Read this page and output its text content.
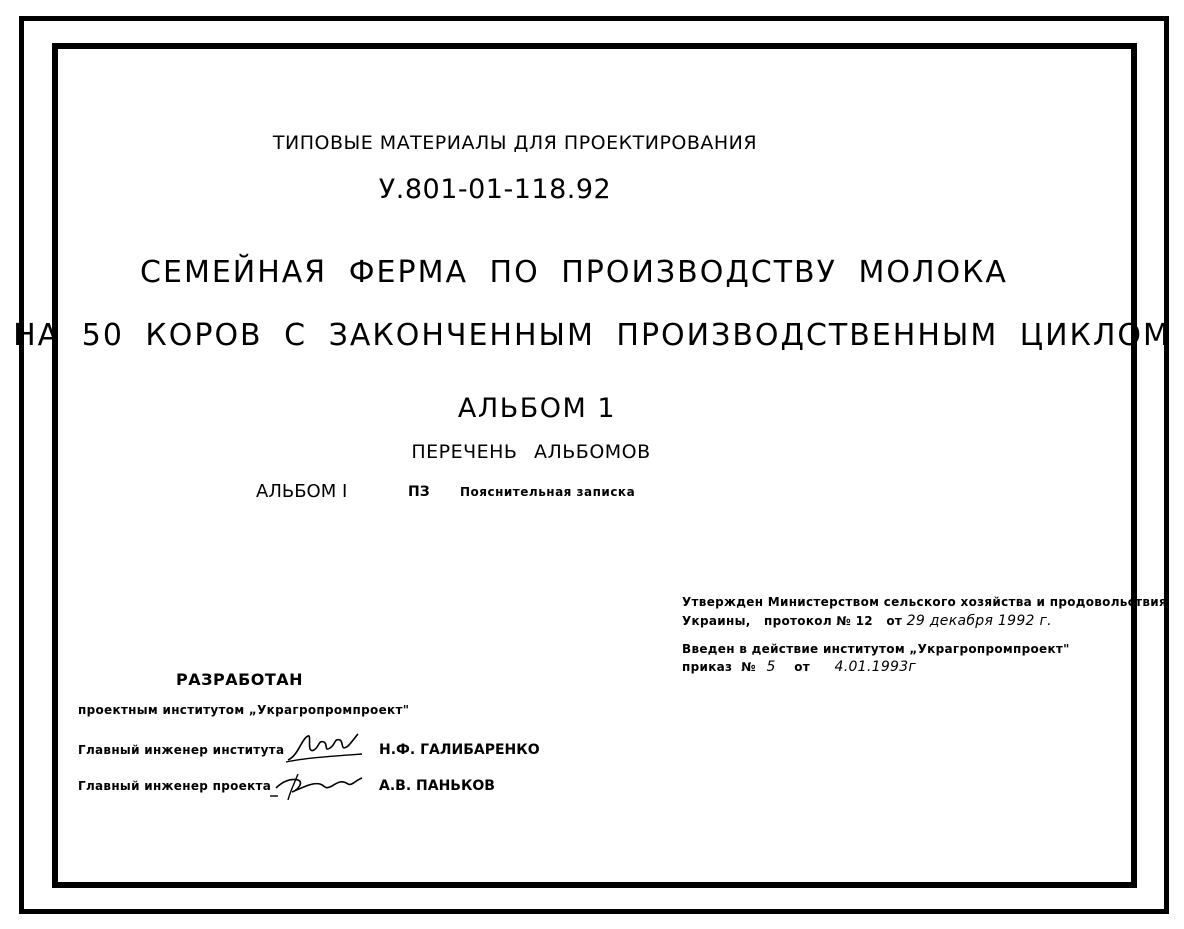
ТИПОВЫЕ МАТЕРИАЛЫ ДЛЯ ПРОЕКТИРОВАНИЯ
У.801-01-118.92
СЕМЕЙНАЯ ФЕРМА ПО ПРОИЗВОДСТВУ МОЛОКА
НА 50 КОРОВ С ЗАКОНЧЕННЫМ ПРОИЗВОДСТВЕННЫМ ЦИКЛОМ
АЛЬБОМ 1
ПЕРЕЧЕНЬ АЛЬБОМОВ
АЛЬБОМ I	ПЗ	Пояснительная записка
Утвержден Министерством сельского хозяйства и продовольствия
Украины,   протокол № 12   от 29 декабря 1992 г.
Введен в действие институтом „Украгропромпроект"
приказ  № 5 от 4.01.1993г
РАЗРАБОТАН
проектным институтом „Украгропромпроект"
Главный инженер института	Н.Ф. ГАЛИБАРЕНКО
Главный инженер проекта	А.В. ПАНЬКОВ
